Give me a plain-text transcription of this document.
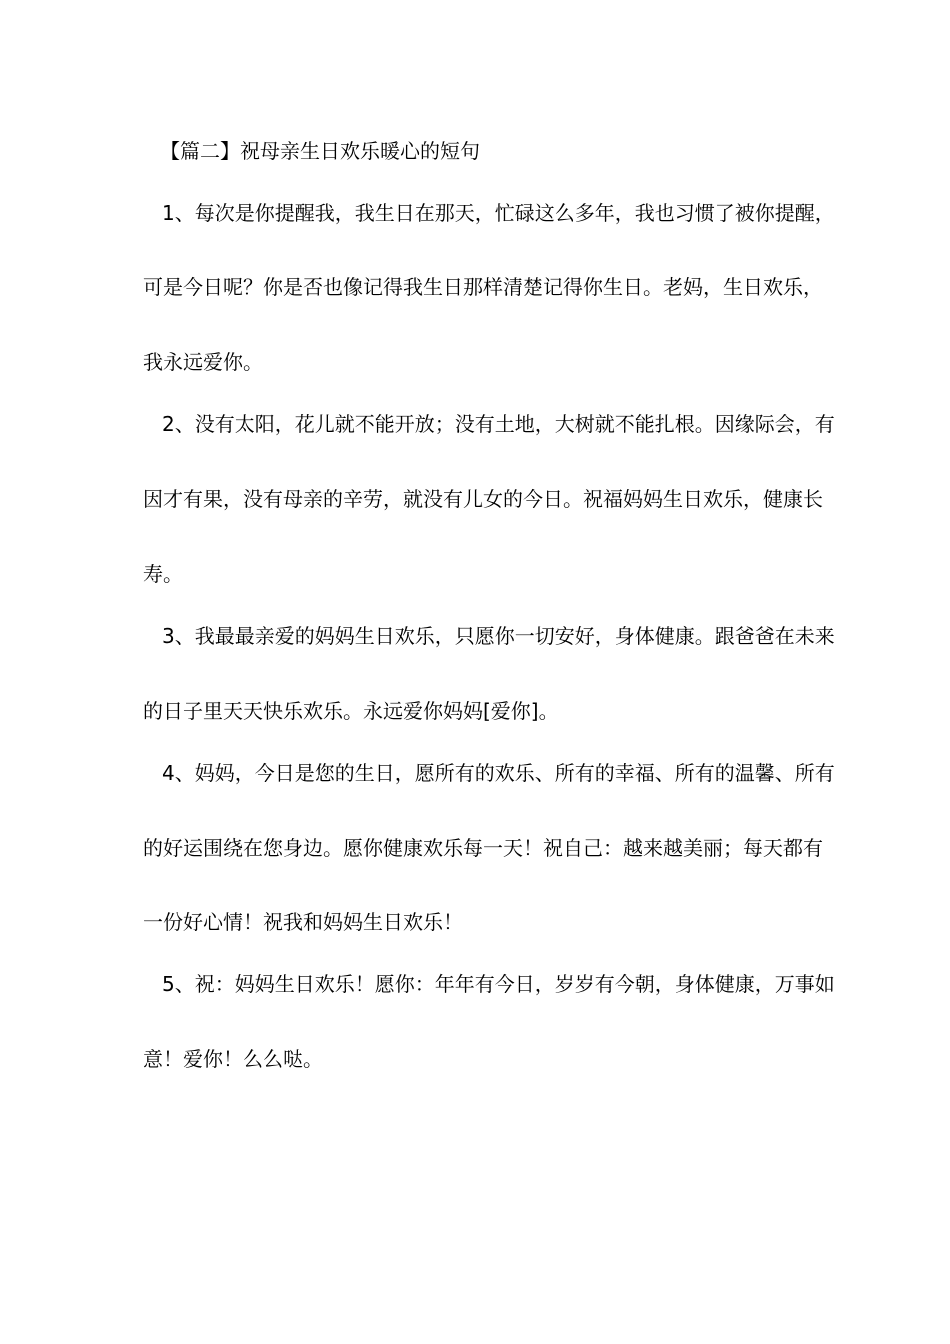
【篇二】祝母亲生日欢乐暖心的短句
1、每次是你提醒我，我生日在那天，忙碌这么多年，我也习惯了被你提醒，
可是今日呢？你是否也像记得我生日那样清楚记得你生日。老妈，生日欢乐，
我永远爱你。
2、没有太阳，花儿就不能开放；没有土地，大树就不能扎根。因缘际会，有
因才有果，没有母亲的辛劳，就没有儿女的今日。祝福妈妈生日欢乐，健康长
寿。
3、我最最亲爱的妈妈生日欢乐，只愿你一切安好，身体健康。跟爸爸在未来
的日子里天天快乐欢乐。永远爱你妈妈[爱你]。
4、妈妈，今日是您的生日，愿所有的欢乐、所有的幸福、所有的温馨、所有
的好运围绕在您身边。愿你健康欢乐每一天！祝自己：越来越美丽；每天都有
一份好心情！祝我和妈妈生日欢乐！
5、祝：妈妈生日欢乐！愿你：年年有今日，岁岁有今朝，身体健康，万事如
意！爱你！么么哒。
